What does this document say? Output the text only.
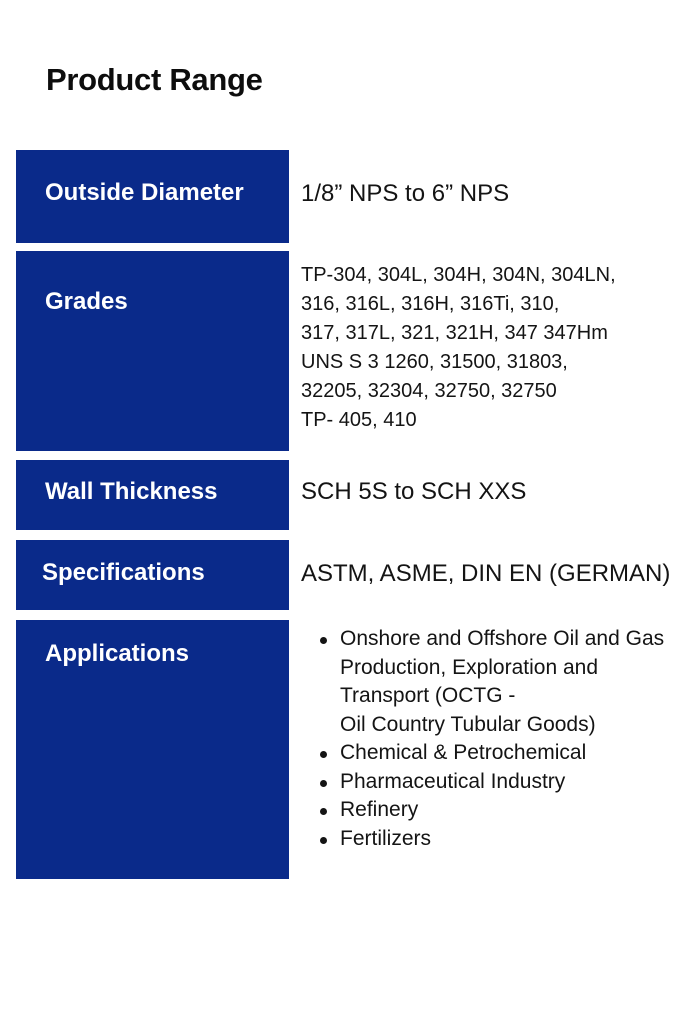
Product Range
Outside Diameter 1/8” NPS to 6” NPS
Grades
TP-304, 304L, 304H, 304N, 304LN,
316, 316L, 316H, 316Ti, 310,
317, 317L, 321, 321H, 347 347Hm
UNS S 3 1260, 31500, 31803,
32205, 32304, 32750, 32750
TP- 405, 410
Wall Thickness	SCH 5S to SCH XXS
Specifications	ASTM, ASME, DIN EN (GERMAN)
Applications
Onshore and Offshore Oil and Gas
Production, Exploration and
Transport (OCTG -
Oil Country Tubular Goods)
Chemical & Petrochemical
Pharmaceutical Industry
Refinery
Fertilizers
